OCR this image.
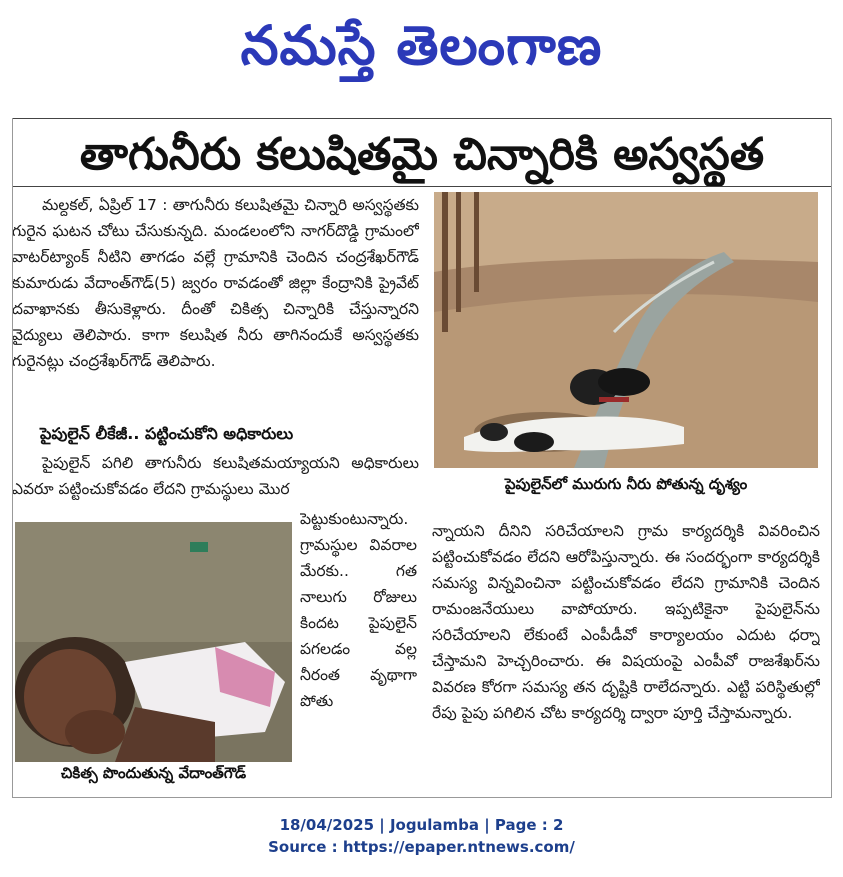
నమస్తే తెలంగాణ
తాగునీరు కలుషితమై చిన్నారికి అస్వస్థత

మల్దకల్, ఏప్రిల్ 17 : తాగునీరు కలుషితమై చిన్నారి అస్వస్థతకు గురైన ఘటన చోటు చేసుకున్నది. మండలంలోని నాగర్‌దొడ్డి గ్రామంలో వాటర్‌ట్యాంక్ నీటిని తాగడం వల్లే గ్రామానికి చెందిన చంద్రశేఖర్‌గౌడ్ కుమారుడు వేదాంత్‌గౌడ్(5) జ్వరం రావడంతో జిల్లా కేంద్రానికి ప్రైవేట్ దవాఖానకు తీసుకెళ్లారు. దీంతో చికిత్స చిన్నారికి చేస్తున్నారని వైద్యులు తెలిపారు. కాగా కలుషిత నీరు తాగినందుకే అస్వస్థతకు గురైనట్లు చంద్రశేఖర్‌గౌడ్ తెలిపారు.

పైపులైన్ లీకేజీ.. పట్టించుకోని అధికారులు

పైపులైన్ పగిలి తాగునీరు కలుషితమయ్యాయని అధికారులు ఎవరూ పట్టించుకోవడం లేదని గ్రామస్థులు మొర

చికిత్స పొందుతున్న వేదాంత్‌గౌడ్

పెట్టుకుంటున్నారు. గ్రామస్థుల వివరాల మేరకు.. గత నాలుగు రోజులు కిందట పైపులైన్ పగలడం వల్ల నీరంత వృథాగా పోతు

పైపులైన్‌లో మురుగు నీరు పోతున్న దృశ్యం

న్నాయని దీనిని సరిచేయాలని గ్రామ కార్యదర్శికి వివరించిన పట్టించుకోవడం లేదని ఆరోపిస్తున్నారు. ఈ సందర్భంగా కార్యదర్శికి సమస్య విన్నవించినా పట్టించుకోవడం లేదని గ్రామానికి చెందిన రామంజనేయులు వాపోయారు. ఇప్పటికైనా పైపులైన్‌ను సరిచేయాలని లేకుంటే ఎంపీడీవో కార్యాలయం ఎదుట ధర్నా చేస్తామని హెచ్చరించారు. ఈ విషయంపై ఎంపీవో రాజశేఖర్‌ను వివరణ కోరగా సమస్య తన దృష్టికి రాలేదన్నారు. ఎట్టి పరిస్థితుల్లో రేపు పైపు పగిలిన చోట కార్యదర్శి ద్వారా పూర్తి చేస్తామన్నారు.

18/04/2025 | Jogulamba | Page : 2
Source : https://epaper.ntnews.com/
